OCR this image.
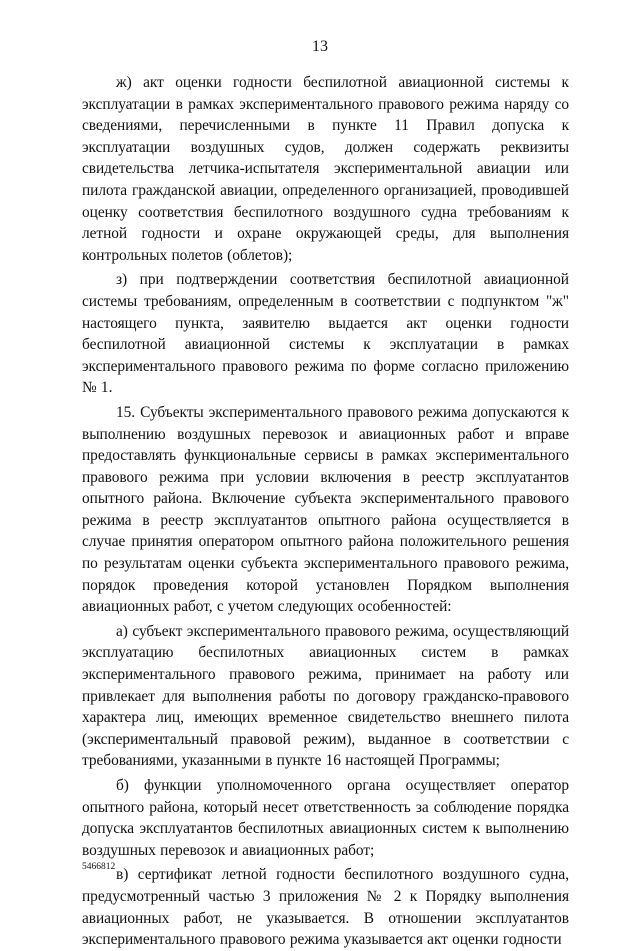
13

ж) акт оценки годности беспилотной авиационной системы к эксплуатации в рамках экспериментального правового режима наряду со сведениями, перечисленными в пункте 11 Правил допуска к эксплуатации воздушных судов, должен содержать реквизиты свидетельства летчика-испытателя экспериментальной авиации или пилота гражданской авиации, определенного организацией, проводившей оценку соответствия беспилотного воздушного судна требованиям к летной годности и охране окружающей среды, для выполнения контрольных полетов (облетов);

з) при подтверждении соответствия беспилотной авиационной системы требованиям, определенным в соответствии с подпунктом "ж" настоящего пункта, заявителю выдается акт оценки годности беспилотной авиационной системы к эксплуатации в рамках экспериментального правового режима по форме согласно приложению № 1.

15. Субъекты экспериментального правового режима допускаются к выполнению воздушных перевозок и авиационных работ и вправе предоставлять функциональные сервисы в рамках экспериментального правового режима при условии включения в реестр эксплуатантов опытного района. Включение субъекта экспериментального правового режима в реестр эксплуатантов опытного района осуществляется в случае принятия оператором опытного района положительного решения по результатам оценки субъекта экспериментального правового режима, порядок проведения которой установлен Порядком выполнения авиационных работ, с учетом следующих особенностей:

а) субъект экспериментального правового режима, осуществляющий эксплуатацию беспилотных авиационных систем в рамках экспериментального правового режима, принимает на работу или привлекает для выполнения работы по договору гражданско-правового характера лиц, имеющих временное свидетельство внешнего пилота (экспериментальный правовой режим), выданное в соответствии с требованиями, указанными в пункте 16 настоящей Программы;

б) функции уполномоченного органа осуществляет оператор опытного района, который несет ответственность за соблюдение порядка допуска эксплуатантов беспилотных авиационных систем к выполнению воздушных перевозок и авиационных работ;

в) сертификат летной годности беспилотного воздушного судна, предусмотренный частью 3 приложения № 2 к Порядку выполнения авиационных работ, не указывается. В отношении эксплуатантов экспериментального правового режима указывается акт оценки годности

5466812
